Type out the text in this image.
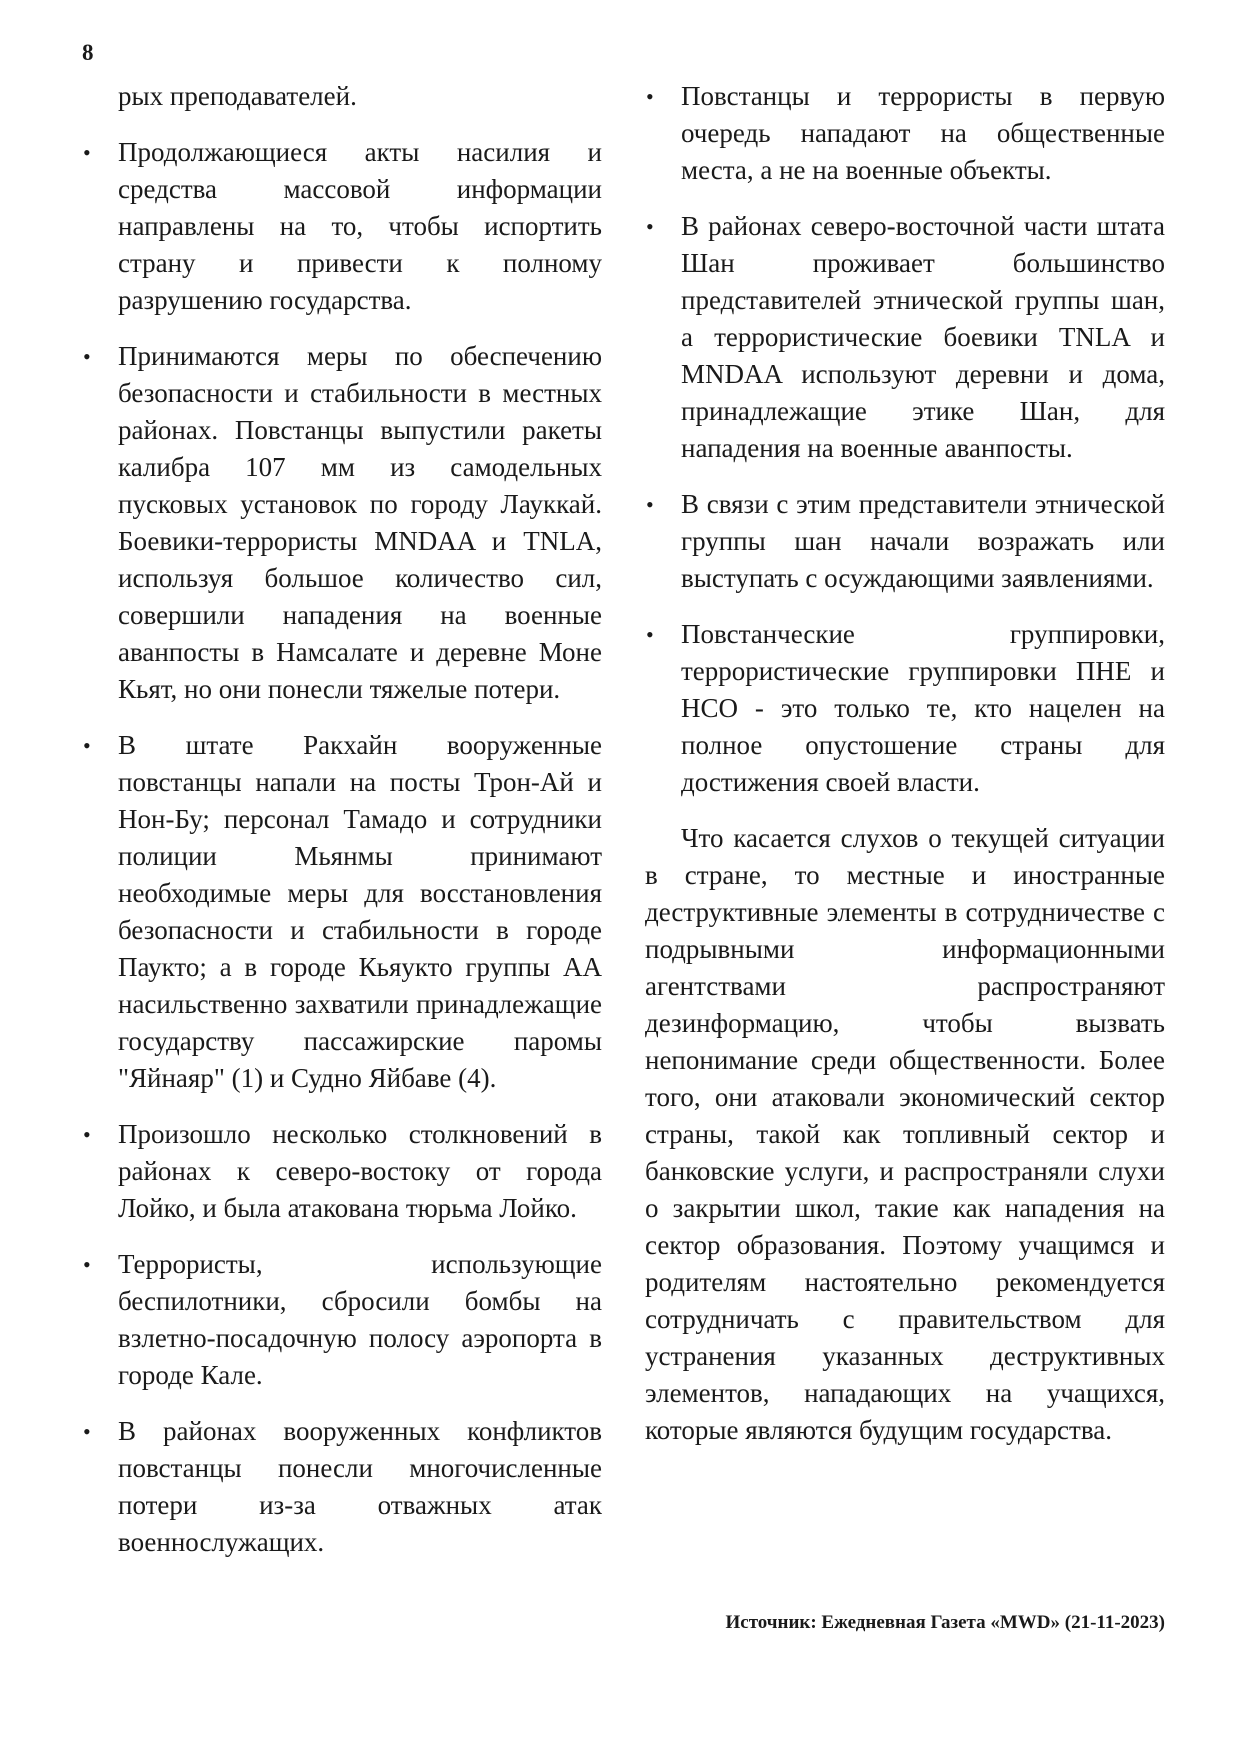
8

рых преподавателей.

• Продолжающиеся акты насилия и средства массовой информации направлены на то, чтобы испортить страну и привести к полному разрушению государства.
• Принимаются меры по обеспечению безопасности и стабильности в местных районах. Повстанцы выпустили ракеты калибра 107 мм из самодельных пусковых установок по городу Лауккай. Боевики-террористы MNDAA и TNLA, используя большое количество сил, совершили нападения на военные аванпосты в Намсалате и деревне Моне Кьят, но они понесли тяжелые потери.
• В штате Ракхайн вооруженные повстанцы напали на посты Трон-Ай и Нон-Бу; персонал Тамадо и сотрудники полиции Мьянмы принимают необходимые меры для восстановления безопасности и стабильности в городе Паукто; а в городе Кьяукто группы АА насильственно захватили принадлежащие государству пассажирские паромы "Яйнаяр" (1) и Судно Яйбаве (4).
• Произошло несколько столкновений в районах к северо-востоку от города Лойко, и была атакована тюрьма Лойко.
• Террористы, использующие беспилотники, сбросили бомбы на взлетно-посадочную полосу аэропорта в городе Кале.
• В районах вооруженных конфликтов повстанцы понесли многочисленные потери из-за отважных атак военнослужащих.
• Повстанцы и террористы в первую очередь нападают на общественные места, а не на военные объекты.
• В районах северо-восточной части штата Шан проживает большинство представителей этнической группы шан, а террористические боевики TNLA и MNDAA используют деревни и дома, принадлежащие этике Шан, для нападения на военные аванпосты.
• В связи с этим представители этнической группы шан начали возражать или выступать с осуждающими заявлениями.
• Повстанческие группировки, террористические группировки ПНЕ и НСО - это только те, кто нацелен на полное опустошение страны для достижения своей власти.

Что касается слухов о текущей ситуации в стране, то местные и иностранные деструктивные элементы в сотрудничестве с подрывными информационными агентствами распространяют дезинформацию, чтобы вызвать непонимание среди общественности. Более того, они атаковали экономический сектор страны, такой как топливный сектор и банковские услуги, и распространяли слухи о закрытии школ, такие как нападения на сектор образования. Поэтому учащимся и родителям настоятельно рекомендуется сотрудничать с правительством для устранения указанных деструктивных элементов, нападающих на учащихся, которые являются будущим государства.

Источник: Ежедневная Газета «MWD» (21-11-2023)
